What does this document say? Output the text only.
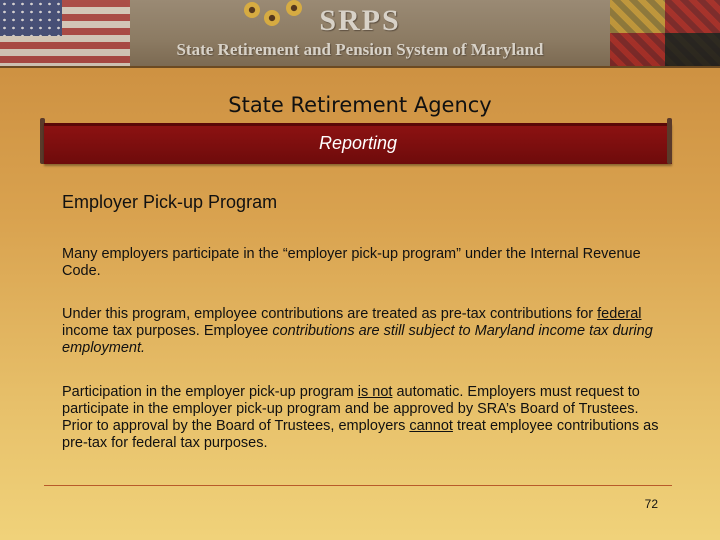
SRPS
State Retirement and Pension System of Maryland
State Retirement Agency
Reporting
Employer Pick-up Program
Many employers participate in the “employer pick-up program” under the Internal Revenue Code.
Under this program, employee contributions are treated as pre-tax contributions for federal income tax purposes. Employee contributions are still subject to Maryland income tax during employment.
Participation in the employer pick-up program is not automatic. Employers must request to participate in the employer pick-up program and be approved by SRA’s Board of Trustees. Prior to approval by the Board of Trustees, employers cannot treat employee contributions as pre-tax for federal tax purposes.
72
